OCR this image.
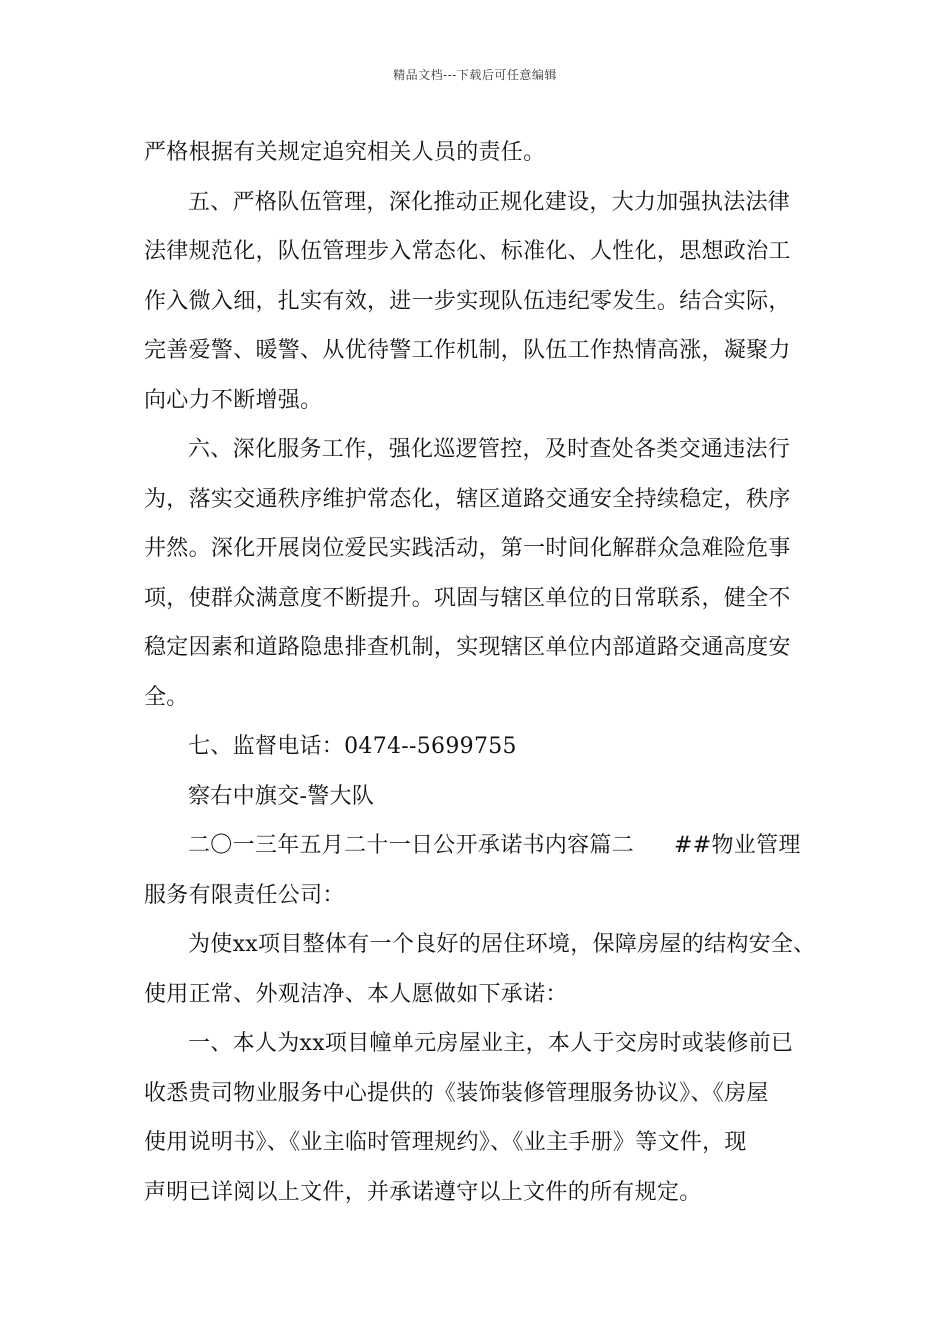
精品文档---下载后可任意编辑
严格根据有关规定追究相关人员的责任。
五、严格队伍管理，深化推动正规化建设，大力加强执法法律
法律规范化，队伍管理步入常态化、标准化、人性化，思想政治工
作入微入细，扎实有效，进一步实现队伍违纪零发生。结合实际，
完善爱警、暖警、从优待警工作机制，队伍工作热情高涨，凝聚力
向心力不断增强。
六、深化服务工作，强化巡逻管控，及时查处各类交通违法行
为，落实交通秩序维护常态化，辖区道路交通安全持续稳定，秩序
井然。深化开展岗位爱民实践活动，第一时间化解群众急难险危事
项，使群众满意度不断提升。巩固与辖区单位的日常联系，健全不
稳定因素和道路隐患排查机制，实现辖区单位内部道路交通高度安
全。
七、监督电话：0474--5699755
察右中旗交-警大队
二〇一三年五月二十一日公开承诺书内容篇二 ##物业管理
服务有限责任公司：
为使xx项目整体有一个良好的居住环境，保障房屋的结构安全、
使用正常、外观洁净、本人愿做如下承诺：
一、本人为xx项目幢单元房屋业主，本人于交房时或装修前已
收悉贵司物业服务中心提供的《装饰装修管理服务协议》、《房屋
使用说明书》、《业主临时管理规约》、《业主手册》等文件，现
声明已详阅以上文件，并承诺遵守以上文件的所有规定。
